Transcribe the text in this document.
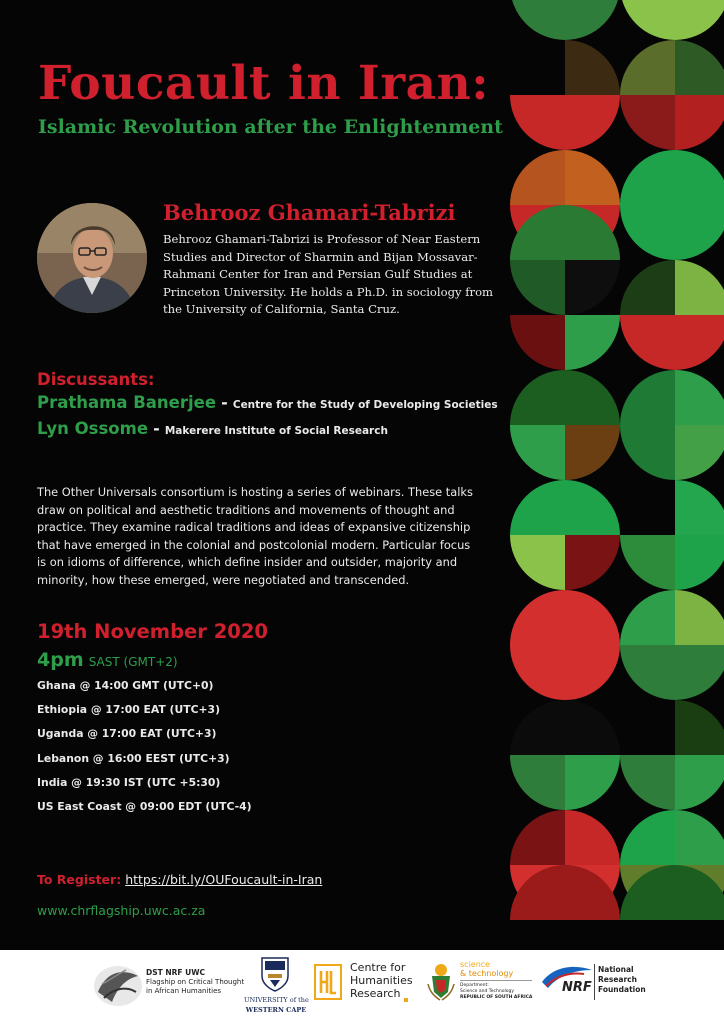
Foucault in Iran:
Islamic Revolution after the Enlightenment
Behrooz Ghamari-Tabrizi
Behrooz Ghamari-Tabrizi is Professor of Near Eastern Studies and Director of Sharmin and Bijan Mossavar-Rahmani Center for Iran and Persian Gulf Studies at Princeton University. He holds a Ph.D. in sociology from the University of California, Santa Cruz.
Discussants:
Prathama Banerjee - Centre for the Study of Developing Societies
Lyn Ossome - Makerere Institute of Social Research
The Other Universals consortium is hosting a series of webinars. These talks draw on political and aesthetic traditions and movements of thought and practice. They examine radical traditions and ideas of expansive citizenship that have emerged in the colonial and postcolonial modern. Particular focus is on idioms of difference, which define insider and outsider, majority and minority, how these emerged, were negotiated and transcended.
19th November 2020
4pm SAST (GMT+2)
Ghana @ 14:00 GMT (UTC+0)
Ethiopia @ 17:00 EAT (UTC+3)
Uganda @ 17:00 EAT (UTC+3)
Lebanon @ 16:00 EEST (UTC+3)
India @ 19:30 IST (UTC +5:30)
US East Coast @ 09:00 EDT (UTC-4)
To Register: https://bit.ly/OUFoucault-in-Iran
www.chrflagship.uwc.ac.za
DST NRF UWC
Flagship on Critical Thought
in African Humanities
UNIVERSITY of the
WESTERN CAPE
Centre for
Humanities
Research
science
& technology
Department:
Science and Technology
REPUBLIC OF SOUTH AFRICA
NRF
National
Research
Foundation
